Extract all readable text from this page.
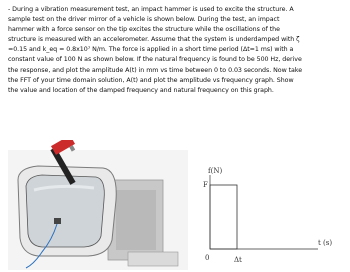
- During a vibration measurement test, an impact hammer is used to excite the structure. A
sample test on the driver mirror of a vehicle is shown below. During the test, an impact
hammer with a force sensor on the tip excites the structure while the oscillations of the
structure is measured with an accelerometer. Assume that the system is underdamped with ζ
=0.15 and k_eq = 0.8x10⁷ N/m. The force is applied in a short time period (Δt=1 ms) with a
constant value of 100 N as shown below. If the natural frequency is found to be 500 Hz, derive
the response, and plot the amplitude A(t) in mm vs time between 0 to 0.03 seconds. Now take
the FFT of your time domain solution, A(t) and plot the amplitude vs frequency graph. Show
the value and location of the damped frequency and natural frequency on this graph.
f(N)
F
0
t (s)
Δt
